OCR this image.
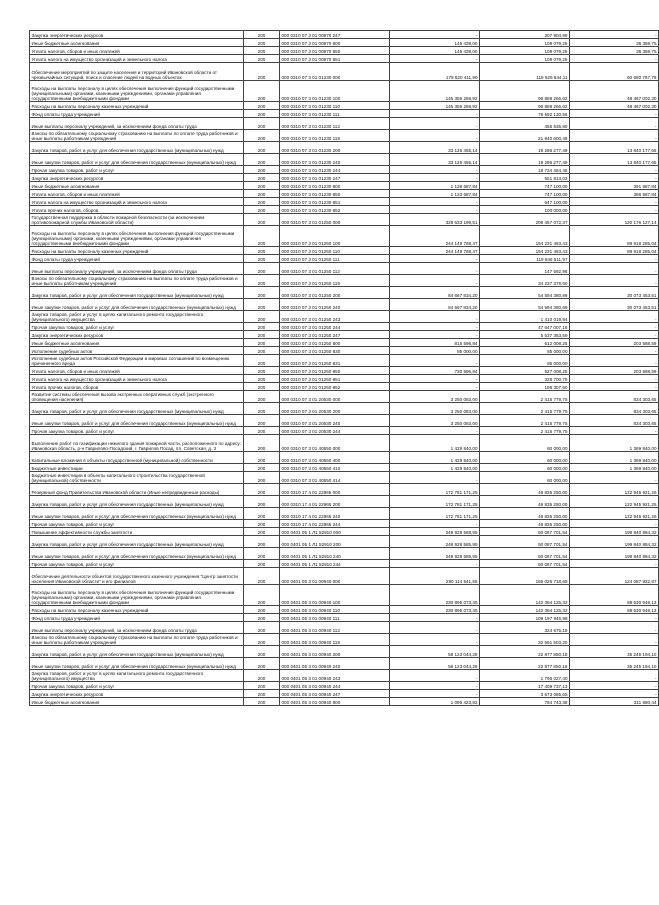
Закупка энергетических ресурсов	200	000 0310 07 3 01 00970 247	-	307 904,99	-
Иные бюджетные ассигнования	200	000 0310 07 3 01 00970 800	145 439,00	109 079,25	36 359,75
Уплата налогов, сборов и иных платежей	200	000 0310 07 3 01 00970 850	145 439,00	109 079,25	36 359,75
Уплата налога на имущество организаций и земельного налога	200	000 0310 07 3 01 00970 851	-	109 079,25	-
Обеспечение мероприятий по защите населения и территорий Ивановской области от чрезвычайных ситуаций, поиск и спасение людей на водных объектах	200	000 0310 07 3 01 01230 000	179 620 411,90	118 929 644,11	60 690 767,79
Расходы на выплаты персоналу в целях обеспечения выполнения функций государственными (муниципальными) органами, казенными учреждениями, органами управления государственными внебюджетными фондами	200	000 0310 07 3 01 01230 100	145 355 268,92	96 888 266,62	48 467 002,30
Расходы на выплаты персоналу казенных учреждений	200	000 0310 07 3 01 01230 110	145 355 268,92	96 888 266,62	48 467 002,30
Фонд оплаты труда учреждений	200	000 0310 07 3 01 01230 111	-	76 592 130,56	-
Иные выплаты персоналу учреждений, за исключением фонда оплаты труда	200	000 0310 07 3 01 01230 112	-	455 535,80	-
Взносы по обязательному социальному страхованию на выплаты по оплате труда работников и иные выплаты работникам учреждений	200	000 0310 07 3 01 01230 119	-	21 840 600,46	-
Закупка товаров, работ и услуг для обеспечения государственных (муниципальных) нужд	200	000 0310 07 3 01 01230 200	33 126 455,14	19 286 277,49	13 840 177,65
Иные закупки товаров, работ и услуг для обеспечения государственных (муниципальных) нужд	200	000 0310 07 3 01 01230 240	33 126 455,14	19 286 277,49	13 840 177,65
Прочая закупка товаров, работ и услуг	200	000 0310 07 3 01 01230 244	-	18 734 464,46	-
Закупка энергетических ресурсов	200	000 0310 07 3 01 01230 247	-	551 813,03	-
Иные бюджетные ассигнования	200	000 0310 07 3 01 01230 800	1 138 687,84	747 100,00	391 587,84
Уплата налогов, сборов и иных платежей	200	000 0310 07 3 01 01230 850	1 133 687,84	747 100,00	386 587,84
Уплата налога на имущество организаций и земельного налога	200	000 0310 07 3 01 01230 851	-	647 100,00	-
Уплата прочих налогов, сборов	200	000 0310 07 3 01 01230 852	-	100 000,00	-
Государственная поддержка в области пожарной безопасности (за исключением противопожарной службы Ивановской области)	200	000 0310 07 3 01 01250 000	329 633 199,51	209 457 072,37	120 176 127,14
Расходы на выплаты персоналу в целях обеспечения выполнения функций государственными (муниципальными) органами, казенными учреждениями, органами управления государственными внебюджетными фондами	200	000 0310 07 3 01 01250 100	244 149 768,47	154 231 483,43	89 918 285,04
Расходы на выплаты персоналу казенных учреждений	200	000 0310 07 3 01 01250 110	244 149 768,47	154 231 483,43	89 918 285,04
Фонд оплаты труда учреждений	200	000 0310 07 3 01 01250 111	-	119 846 511,97	-
Иные выплаты персоналу учреждений, за исключением фонда оплаты труда	200	000 0310 07 3 01 01250 112	-	147 592,96	-
Взносы по обязательному социальному страхованию на выплаты по оплате труда работников и иные выплаты работникам учреждений	200	000 0310 07 3 01 01250 119	-	34 237 378,50	-
Закупка товаров, работ и услуг для обеспечения государственных (муниципальных) нужд	200	000 0310 07 3 01 01250 200	84 667 834,20	54 594 380,89	30 073 453,51
Иные закупки товаров, работ и услуг для обеспечения государственных (муниципальных) нужд	200	000 0310 07 3 01 01250 240	84 667 834,20	54 594 380,69	30 073 453,51
Закупка товаров, работ и услуг в целях капитального ремонта государственного (муниципального) имущества	200	000 0310 07 3 01 01250 243	-	1 410 019,94	-
Прочая закупка товаров, работ и услуг	200	000 0310 07 3 01 01250 244	-	47 647 007,16	-
Закупка энергетических ресурсов	200	000 0310 07 3 01 01250 247	-	5 537 353,59	-
Иные бюджетные ассигнования	200	000 0310 07 3 01 01250 800	815 596,84	612 008,25	203 588,59
Исполнение судебных актов	200	000 0310 07 3 01 01250 830	85 000,00	85 000,00	-
Исполнение судебных актов Российской Федерации и мировых соглашений по возмещению причиненного вреда	200	000 0310 07 3 01 01250 831	-	85 000,00	-
Уплата налогов, сборов и иных платежей	200	000 0310 07 3 01 01250 850	730 596,84	527 008,25	203 588,59
Уплата налога на имущество организаций и земельного налога	200	000 0310 07 3 01 01250 851	-	328 700,75	-
Уплата прочих налогов, сборов	200	000 0310 07 3 01 01250 852	-	198 307,50	-
Развитие системы обеспечения вызова экстренных оперативных служб (экстренного оповещения населения)	200	000 0310 07 3 01 20530 000	3 250 083,00	2 415 779,75	834 303,65
Закупка товаров, работ и услуг для обеспечения государственных (муниципальных) нужд	200	000 0310 07 3 01 20530 200	3 250 083,00	2 415 779,75	834 303,65
Иные закупки товаров, работ и услуг для обеспечения государственных (муниципальных) нужд	200	000 0310 07 3 01 20530 240	3 250 083,00	2 415 779,75	834 303,65
Прочая закупка товаров, работ и услуг	200	000 0310 07 3 01 20530 244	-	2 415 779,75	-
Выполнение работ по газификации нежилого здания пожарной части, расположенного по адресу: Ивановская область, р-н Гаврилово-Посадский, г. Гаврилов Посад, пл. Советская, д. 3	200	000 0310 07 3 01 40550 000	1 429 840,00	60 000,00	1 369 840,00
Капитальные вложения в объекты государственной (муниципальной) собственности	200	000 0310 07 3 01 40550 400	1 429 840,00	60 000,00	1 369 840,00
Бюджетные инвестиции	200	000 0310 07 3 01 40550 410	1 429 840,00	60 000,00	1 369 840,00
Бюджетные инвестиции в объекты капитального строительства государственной (муниципальной) собственности	200	000 0310 07 3 01 40550 414	-	60 000,00	-
Резервный фонд Правительства Ивановской области (Иные непредвиденные расходы)	200	000 0310 17 4 01 22965 000	172 781 171,25	49 835 250,00	122 945 921,25
Закупка товаров, работ и услуг для обеспечения государственных (муниципальных) нужд	200	000 0310 17 4 01 22965 200	172 781 171,25	49 835 250,00	122 945 921,25
Иные закупки товаров, работ и услуг для обеспечения государственных (муниципальных) нужд	200	000 0310 17 4 01 22965 240	172 781 171,25	49 835 250,00	122 945 921,25
Прочая закупка товаров, работ и услуг	200	000 0310 17 4 01 22965 244	-	49 835 250,00	-
Повышение эффективности службы занятости	200	000 0401 05 1 Л1 52910 000	249 928 588,95	50 087 701,54	199 840 884,32
Закупка товаров, работ и услуг для обеспечения государственных (муниципальных) нужд	200	000 0401 05 1 Л1 52910 200	249 928 585,95	50 087 701,54	199 840 884,32
Иные закупки товаров, работ и услуг для обеспечения государственных (муниципальных) нужд	200	000 0401 05 1 Л1 52910 240	249 928 585,95	50 087 701,54	199 840 884,32
Прочая закупка товаров, работ и услуг	200	000 0401 05 1 Л1 52910 244	-	50 087 701,54	-
Обеспечение деятельности объектов государственного казенного учреждения "Центр занятости населения Ивановской области" и его филиалов	200	000 0401 05 3 01 00940 000	290 114 541,55	166 026 718,68	124 087 822,87
Расходы на выплаты персоналу в целях обеспечения выполнения функций государственными (муниципальными) органами, казенными учреждениями, органами управления государственными внебюджетными фондами	200	000 0401 05 3 01 00940 100	230 895 073,45	142 364 125,32	88 530 948,13
Расходы на выплаты персоналу казенных учреждений	200	000 0401 05 3 01 00940 110	230 895 073,45	142 364 125,32	88 530 948,13
Фонд оплаты труда учреждений	200	000 0401 05 3 01 00940 111	-	109 197 946,98	-
Иные выплаты персоналу учреждений, за исключением фонда оплаты труда	200	000 0401 05 3 01 00940 112	-	324 675,18	-
Взносы по обязательному социальному страхованию на выплаты по оплате труда работников и иные выплаты работникам учреждений	200	000 0401 05 3 01 00940 119	-	32 591 503,20	-
Закупка товаров, работ и услуг для обеспечения государственных (муниципальных) нужд	200	000 0401 05 3 01 00940 200	58 123 044,28	22 877 850,18	35 245 194,10
Иные закупки товаров, работ и услуг для обеспечения государственных (муниципальных) нужд	200	000 0401 05 3 01 00940 240	58 123 044,28	22 877 850,18	35 245 194,10
Закупка товаров, работ и услуг в целях капитального ремонта государственного (муниципального) имущества	200	000 0401 05 3 01 00940 243	-	1 795 027,40	-
Прочая закупка товаров, работ и услуг	200	000 0401 05 3 01 00940 244	-	17 409 737,13	-
Закупка энергетических ресурсов	200	000 0401 05 3 01 00940 247	-	3 673 085,65	-
Иные бюджетные ассигнования	200	000 0401 05 3 01 00940 800	1 096 423,82	784 743,38	311 680,44
